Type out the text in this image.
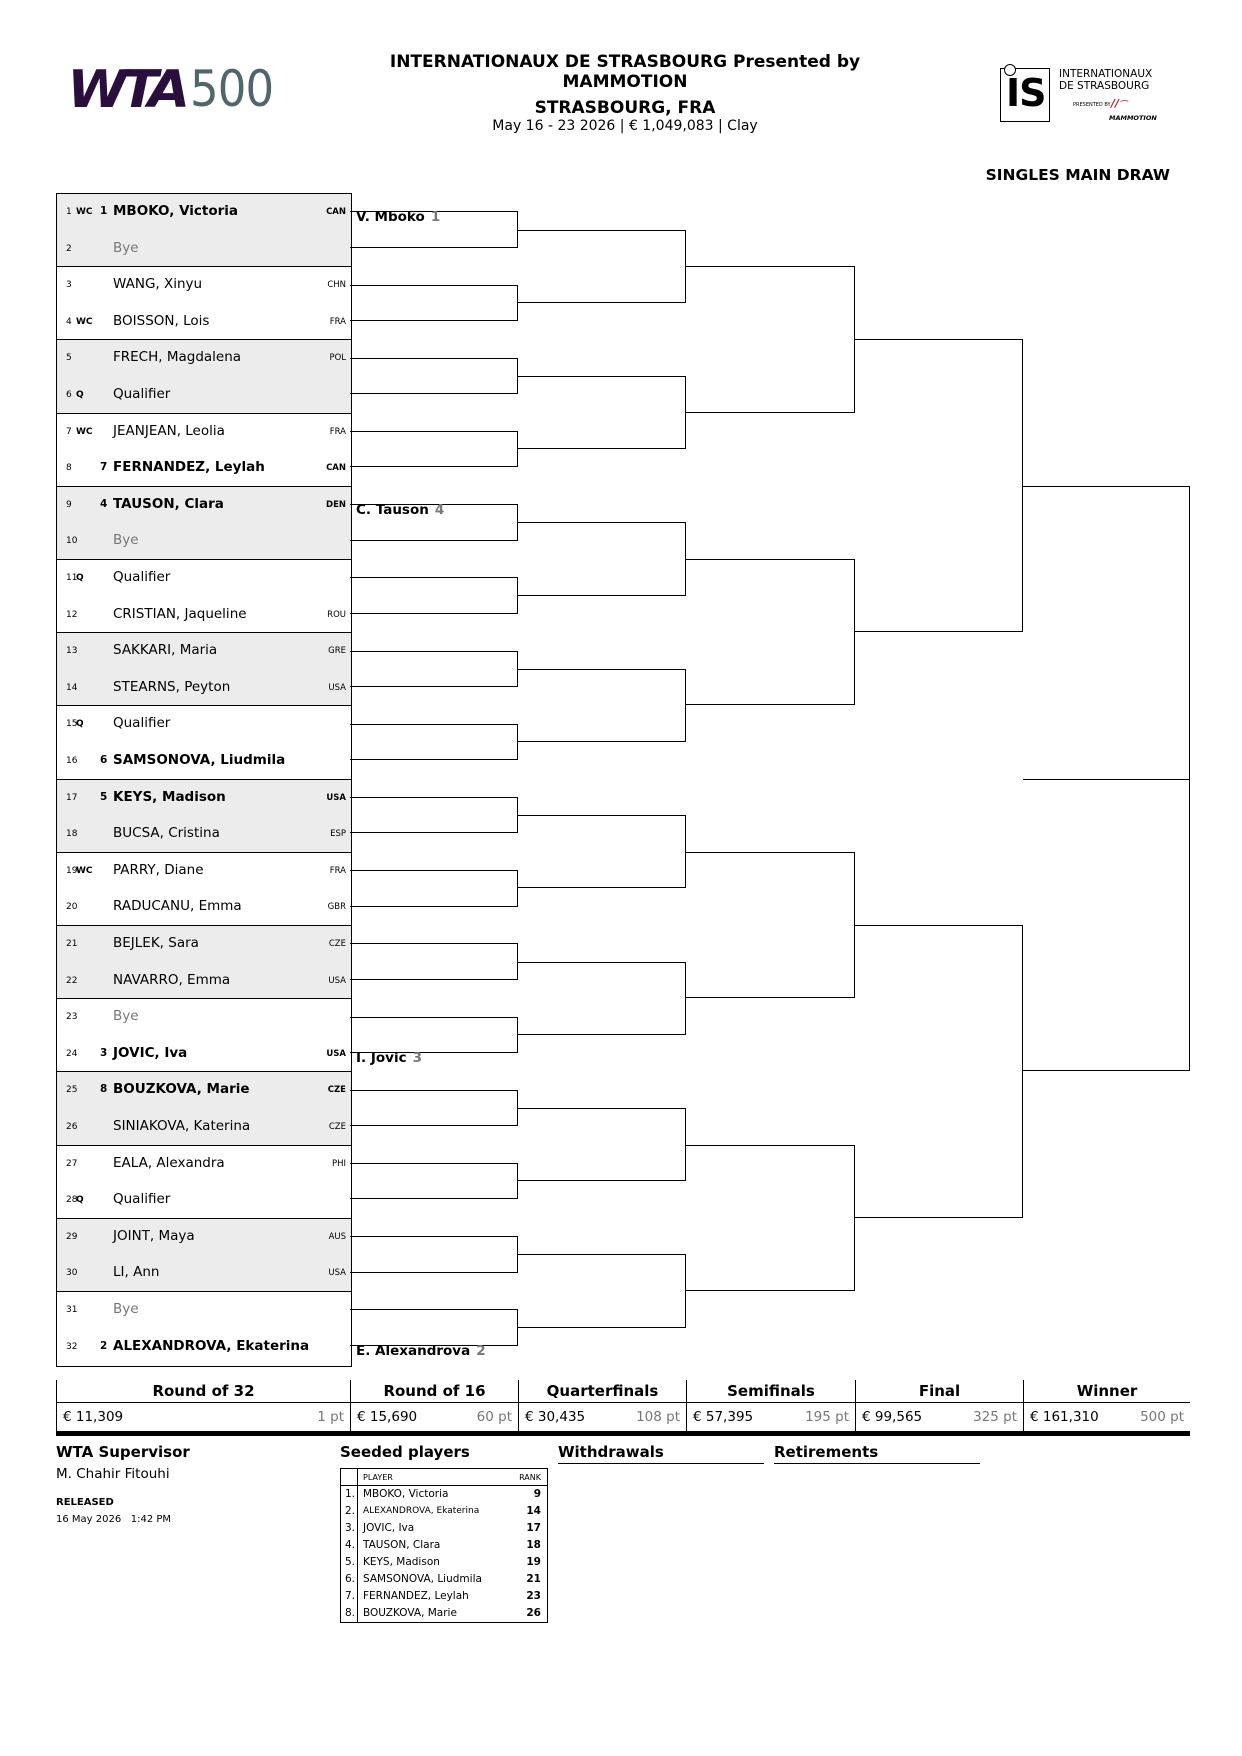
WTA 500	INTERNATIONAUX DE STRASBOURG Presented by
MAMMOTION
STRASBOURG, FRA
May 16 - 23 2026 | € 1,049,083 | Clay
IS INTERNATIONAUX
DE STRASBOURG
PRESENTED BY //⌒
MAMMOTION
SINGLES MAIN DRAW
1 WC 1 MBOKO, Victoria	CAN
2	Bye
3	WANG, Xinyu	CHN
4 WC BOISSON, Lois	FRA
5	FRECH, Magdalena	POL
6 Q Qualifier
7 WC JEANJEAN, Leolia	FRA
8	7 FERNANDEZ, Leylah	CAN
9	4 TAUSON, Clara	DEN
10	Bye
11
Q Qualifier
12	CRISTIAN, Jaqueline	ROU
13	SAKKARI, Maria	GRE
14	STEARNS, Peyton	USA
15
Q Qualifier
16 6 SAMSONOVA, Liudmila
17 5 KEYS, Madison	USA
18	BUCSA, Cristina	ESP
19
WC PARRY, Diane	FRA
20	RADUCANU, Emma	GBR
21	BEJLEK, Sara	CZE
22	NAVARRO, Emma	USA
23	Bye
24 3 JOVIC, Iva	USA
25 8 BOUZKOVA, Marie	CZE
26	SINIAKOVA, Katerina	CZE
27	EALA, Alexandra	PHI
28
Q Qualifier
29	JOINT, Maya	AUS
30	LI, Ann	USA
31	Bye
32 2 ALEXANDROVA, Ekaterina
V. Mboko 1
C. Tauson 4
I. Jovic 3
E. Alexandrova 2
Round of 32
€ 11,309	1 pt
Round of 16
€ 15,690	60 pt
Quarterfinals
€ 30,435	108 pt
Semifinals
€ 57,395	195 pt
Final
€ 99,565	325 pt
Winner
€ 161,310	500 pt
WTA Supervisor
M. Chahir Fitouhi
RELEASED
16 May 2026   1:42 PM
Seeded players
	PLAYER	RANK
1.	MBOKO, Victoria	9
2.	ALEXANDROVA, Ekaterina	14
3.	JOVIC, Iva	17
4.	TAUSON, Clara	18
5.	KEYS, Madison	19
6.	SAMSONOVA, Liudmila	21
7.	FERNANDEZ, Leylah	23
8.	BOUZKOVA, Marie	26
Withdrawals	Retirements
